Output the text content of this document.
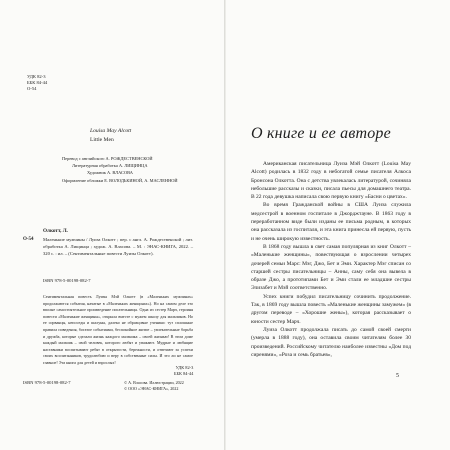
УДК 82-3
ББК 84-44
О-54
Louisa May Alcott
Little Men
Перевод с английского А. РОЖДЕСТВЕНСКОЙ
Литературная обработка А. ЛИЩИНЦА
Художник А. ВЛАСОВА
Оформление обложки Е. ВОЛОДЬКИНОЙ, А. МАСЛЕННОЙ
Олкотт, Л.
О-54 Маленькие мужчины / Луиза Олкотт ; пер. с англ. А. Рождественской ; лит. обработка А. Лищинца ; худож. А. Власова. – М. : ЭНАС-КНИГА, 2022. – 320 с. : ил. – (Сентиментальные повести Луизы Олкотт).
ISBN 978-5-00198-082-7
Сентиментальная повесть Луизы Мэй Олкотт (в «Маленьких мужчинах» продолжаются события, начатые в «Маленьких женщинах»). Но на самом деле это вполне самостоятельное произведение писательницы. Одна из сестер Марч, героиня повести «Маленькие женщины», открыла вместе с мужем школу для мальчиков. Но ее сорванцы, непоседы и шалуны, далеко не образцовые ученики: тут сплошные правила поведения, богатое событиями, беспокойное житие – увлекательные борьба и дружба, которые сделали жизнь каждого мальчика – своей жизнью! В этом доме каждый мальчик – свой человек, которого любят и уважают. Мудрые и любящие наставники воспитывают ребят в открытости, бережности, и отвечают за успехи своих воспитанников, трудолюбию и веру в собственные силы. И это ли не самое главное! Эта книга для детей и взрослых!
УДК 82-3
ББК 84-44
ISBN 978-5-00198-082-7	© А. Власова. Иллюстрации, 2022
© ООО «ЭНАС-КНИГА», 2022
О книге и ее авторе

Американская писательница Луиза Мэй Олкотт (Louisa May Alcott) родилась в 1832 году в небогатой семье писателя Алкоса Бронсона Олкотта. Она с детства увлекалась литературой, сочиняла небольшие рассказы и сказки, писала пьесы для домашнего театра. В 22 года девушка написала свою первую книгу «Басни о цветах».

Во время Гражданской войны в США Луиза служила медсестрой в военном госпитале в Джорджтауне. В 1863 году в переработанном виде были изданы ее письма родным, в которых она рассказала из госпиталя, и эта книга принесла ей первую, пусть и не очень широкую известность.

В 1868 году вышла в свет самая популярная из книг Олкотт – «Маленькие женщины», повествующая о взрослении четырех дочерей семьи Марс: Мэг, Джо, Бет и Эми. Характер Мэг списан со старшей сестры писательницы – Анны, саму себя она вывела в образе Джо, а прототипами Бет и Эми стали ее младшие сестры Элизабет и Мэй соответственно.

Успех книги побудил писательницу сочинить продолжение. Так, в 1869 году вышла повесть «Маленькие женщины замужем» (в другом переводе – «Хорошие жены»), которая рассказывает о юности сестер Марч.

Луиза Олкотт продолжала писать до самой своей смерти (умерла в 1888 году), она оставила своим читателям более 30 произведений. Российскому читателю наиболее известны «Дом под сиренями», «Роза и семь братьев»,

5
